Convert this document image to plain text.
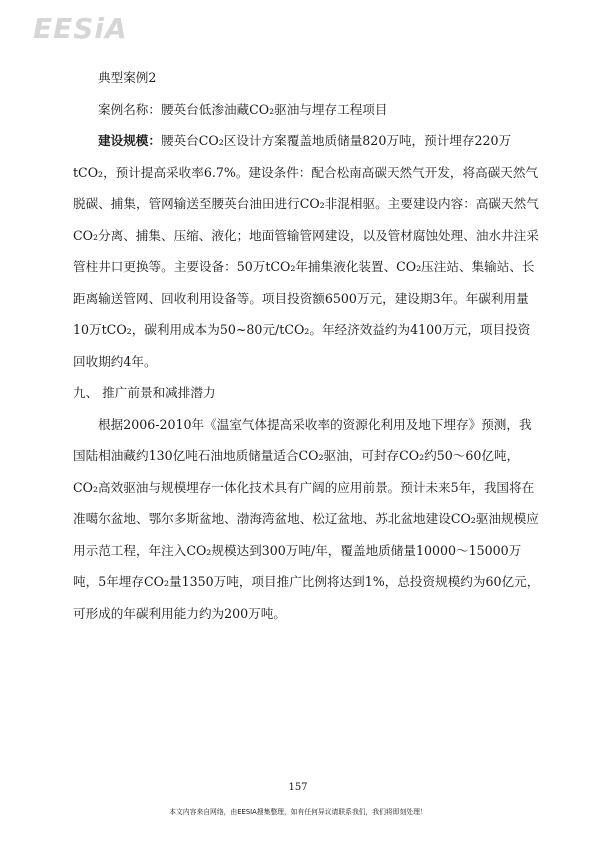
EESiA

典型案例2

案例名称：腰英台低渗油藏CO₂驱油与埋存工程项目

建设规模：腰英台CO₂区设计方案覆盖地质储量820万吨，预计埋存220万tCO₂，预计提高采收率6.7%。建设条件：配合松南高碳天然气开发，将高碳天然气脱碳、捕集，管网输送至腰英台油田进行CO₂非混相驱。主要建设内容：高碳天然气CO₂分离、捕集、压缩、液化；地面管输管网建设，以及管材腐蚀处理、油水井注采管柱井口更换等。主要设备：50万tCO₂年捕集液化装置、CO₂压注站、集输站、长距离输送管网、回收利用设备等。项目投资额6500万元，建设期3年。年碳利用量10万tCO₂，碳利用成本为50~80元/tCO₂。年经济效益约为4100万元，项目投资回收期约4年。

九、 推广前景和减排潜力

根据2006-2010年《温室气体提高采收率的资源化利用及地下埋存》预测，我国陆相油藏约130亿吨石油地质储量适合CO₂驱油，可封存CO₂约50～60亿吨，CO₂高效驱油与规模埋存一体化技术具有广阔的应用前景。预计未来5年，我国将在准噶尔盆地、鄂尔多斯盆地、渤海湾盆地、松辽盆地、苏北盆地建设CO₂驱油规模应用示范工程，年注入CO₂规模达到300万吨/年，覆盖地质储量10000～15000万吨，5年埋存CO₂量1350万吨，项目推广比例将达到1%，总投资规模约为60亿元，可形成的年碳利用能力约为200万吨。

157
本文内容来自网络，由EESIA搜集整理，如有任何异议请联系我们，我们将即刻处理！
